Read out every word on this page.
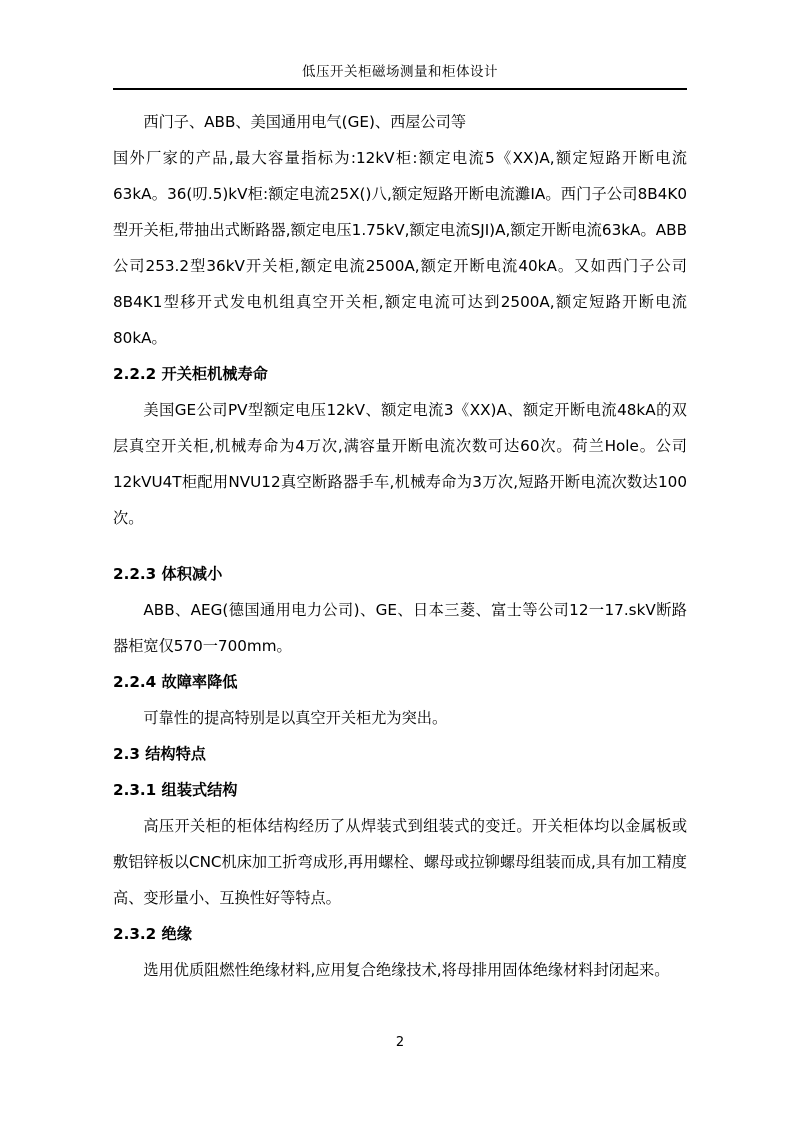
低压开关柜磁场测量和柜体设计

西门子、ABB、美国通用电气(GE)、西屋公司等

国外厂家的产品,最大容量指标为:12kV柜:额定电流5《XX)A,额定短路开断电流63kA。36(叨.5)kV柜:额定电流25X()八,额定短路开断电流灘IA。西门子公司8B4K0型开关柜,带抽出式断路器,额定电压1.75kV,额定电流SJI)A,额定开断电流63kA。ABB公司253.2型36kV开关柜,额定电流2500A,额定开断电流40kA。又如西门子公司8B4K1型移开式发电机组真空开关柜,额定电流可达到2500A,额定短路开断电流80kA。

2.2.2 开关柜机械寿命

美国GE公司PV型额定电压12kV、额定电流3《XX)A、额定开断电流48kA的双层真空开关柜,机械寿命为4万次,满容量开断电流次数可达60次。荷兰Hole。公司12kVU4T柜配用NVU12真空断路器手车,机械寿命为3万次,短路开断电流次数达100次。

2.2.3 体积减小

ABB、AEG(德国通用电力公司)、GE、日本三菱、富士等公司12一17.skV断路器柜宽仅570一700mm。

2.2.4 故障率降低

可靠性的提高特别是以真空开关柜尤为突出。

2.3 结构特点
2.3.1 组装式结构

高压开关柜的柜体结构经历了从焊装式到组装式的变迁。开关柜体均以金属板或敷铝锌板以CNC机床加工折弯成形,再用螺栓、螺母或拉铆螺母组装而成,具有加工精度高、变形量小、互换性好等特点。

2.3.2 绝缘

选用优质阻燃性绝缘材料,应用复合绝缘技术,将母排用固体绝缘材料封闭起来。

2
